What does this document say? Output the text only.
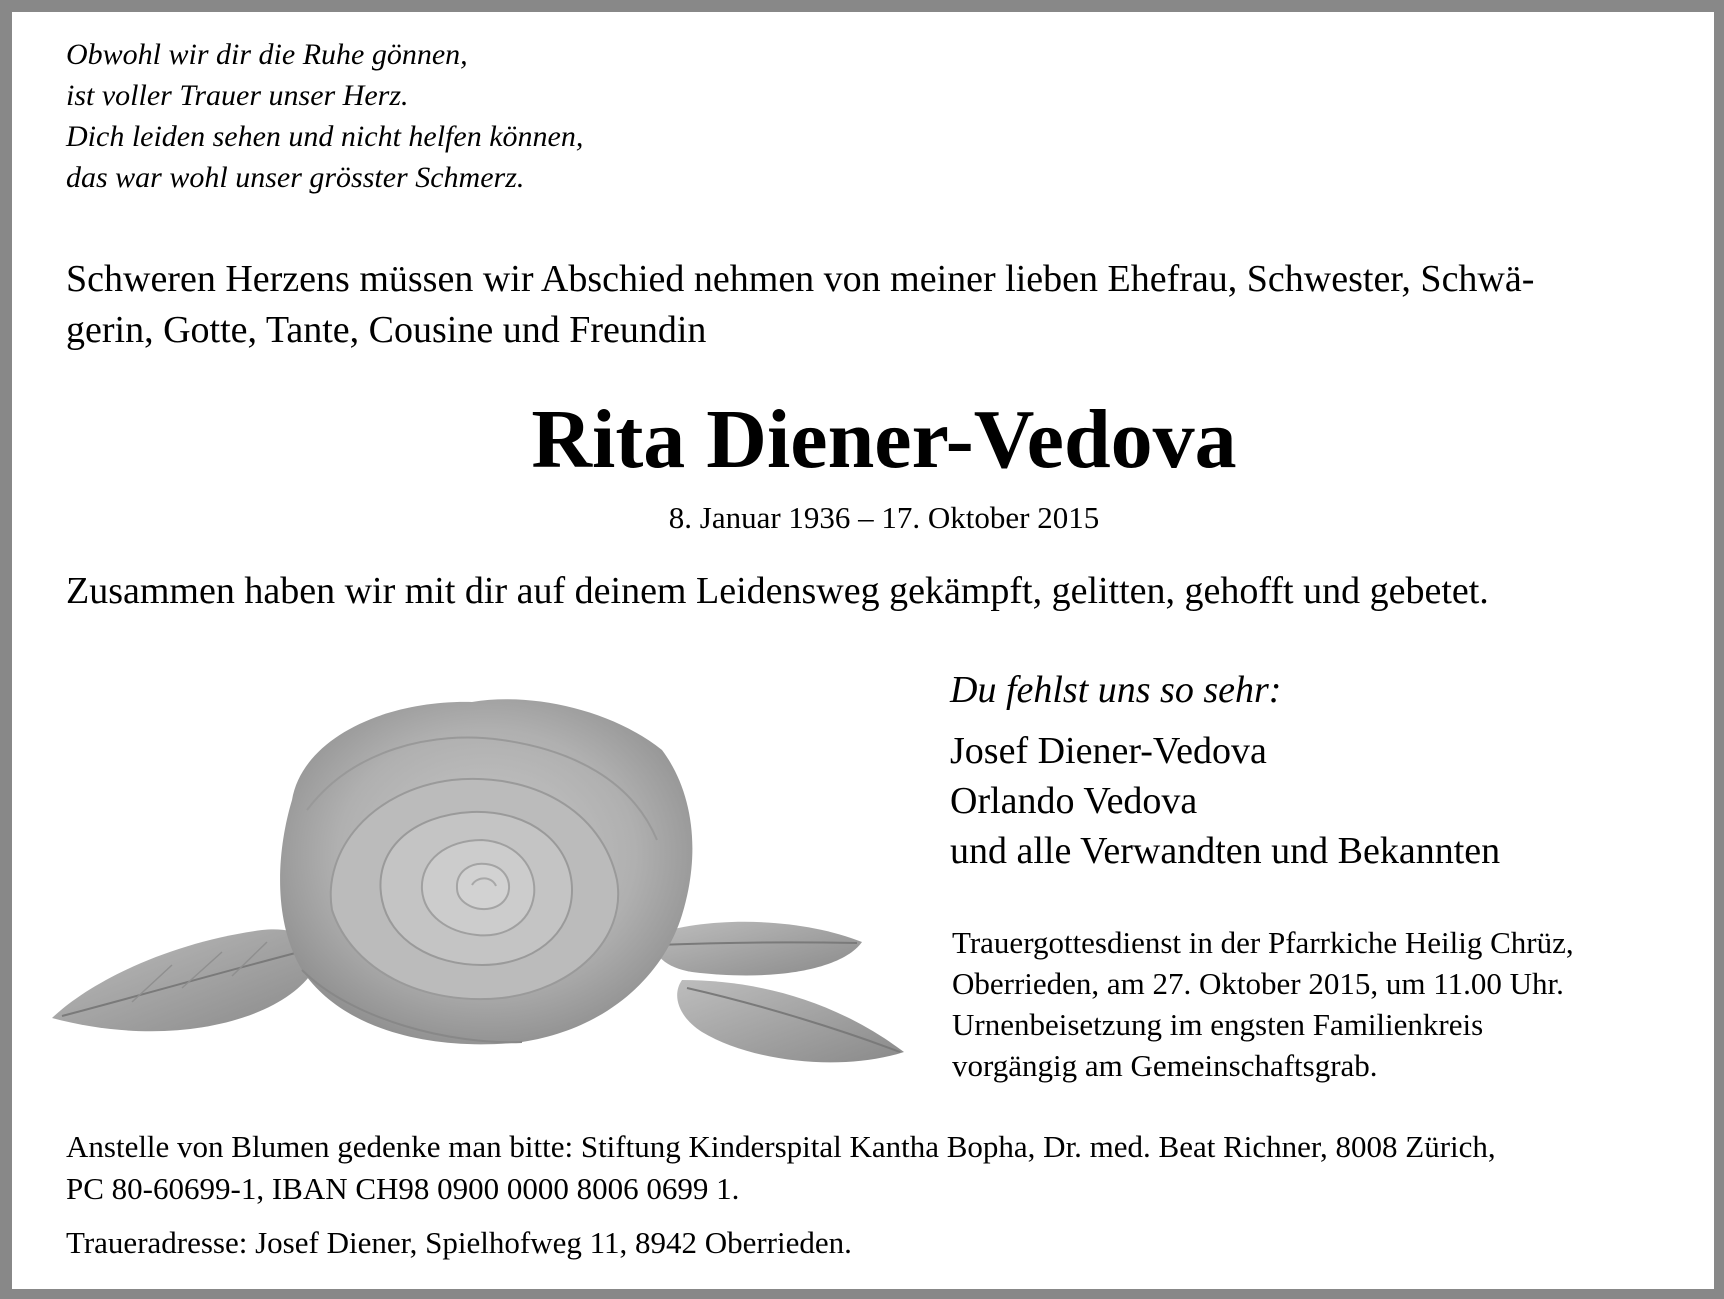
Obwohl wir dir die Ruhe gönnen,
ist voller Trauer unser Herz.
Dich leiden sehen und nicht helfen können,
das war wohl unser grösster Schmerz.
Schweren Herzens müssen wir Abschied nehmen von meiner lieben Ehefrau, Schwester, Schwä-
gerin, Gotte, Tante, Cousine und Freundin
Rita Diener-Vedova
8. Januar 1936 – 17. Oktober 2015
Zusammen haben wir mit dir auf deinem Leidensweg gekämpft, gelitten, gehofft und gebetet.
Du fehlst uns so sehr:
Josef Diener-Vedova
Orlando Vedova
und alle Verwandten und Bekannten
Trauergottesdienst in der Pfarrkiche Heilig Chrüz,
Oberrieden, am 27. Oktober 2015, um 11.00 Uhr.
Urnenbeisetzung im engsten Familienkreis
vorgängig am Gemeinschaftsgrab.
Anstelle von Blumen gedenke man bitte: Stiftung Kinderspital Kantha Bopha, Dr. med. Beat Richner, 8008 Zürich,
PC 80-60699-1, IBAN CH98 0900 0000 8006 0699 1.
Traueradresse: Josef Diener, Spielhofweg 11, 8942 Oberrieden.
